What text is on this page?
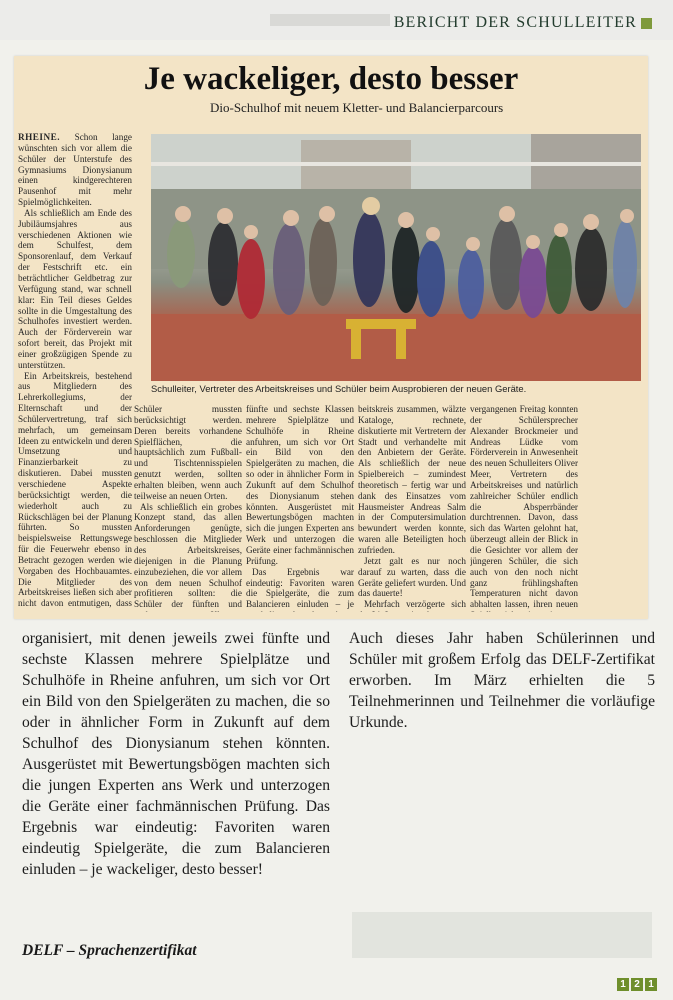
BERICHT DER SCHULLEITER
Je wackeliger, desto besser
Dio-Schulhof mit neuem Kletter- und Balancierparcours

RHEINE. Schon lange wünschten sich vor allem die Schüler der Unterstufe des Gymnasiums Dionysianum einen kindgerechteren Pausenhof mit mehr Spielmöglichkeiten.

Als schließlich am Ende des Jubiläumsjahres aus verschiedenen Aktionen wie dem Schulfest, dem Sponsorenlauf, dem Verkauf der Festschrift etc. ein beträchtlicher Geldbetrag zur Verfügung stand, war schnell klar: Ein Teil dieses Geldes sollte in die Umgestaltung des Schulhofes investiert werden. Auch der Förderverein war sofort bereit, das Projekt mit einer großzügigen Spende zu unterstützen.

Ein Arbeitskreis, bestehend aus Mitgliedern des Lehrerkollegiums, der Elternschaft und der Schülervertretung, traf sich mehrfach, um gemeinsam Ideen zu entwickeln und deren Umsetzung und Finanzierbarkeit zu diskutieren. Dabei mussten verschiedene Aspekte berücksichtigt werden, die wiederholt auch zu Rückschlägen bei der Planung führten. So mussten beispielsweise Rettungswege für die Feuerwehr ebenso in Betracht gezogen werden wie Vorgaben des Hochbauamtes. Die Mitglieder des Arbeitskreises ließen sich aber nicht davon entmutigen, dass

Schulleiter, Vertreter des Arbeitskreises und Schüler beim Ausprobieren der neuen Geräte.

Schüler mussten berücksichtigt werden. Deren bereits vorhandene Spielflächen, die hauptsächlich zum Fußball- und Tischtennisspielen genutzt werden, sollten erhalten bleiben, wenn auch teilweise an neuen Orten.

Als schließlich ein grobes Konzept stand, das allen Anforderungen genügte, beschlossen die Mitglieder des Arbeitskreises, diejenigen in die Planung einzubeziehen, die vor allem von dem neuen Schulhof profitieren sollten: die Schüler der fünften und

fünfte und sechste Klassen mehrere Spielplätze und Schulhöfe in Rheine anfuhren, um sich vor Ort ein Bild von den Spielgeräten zu machen, die so oder in ähnlicher Form in Zukunft auf dem Schulhof des Dionysianum stehen könnten. Ausgerüstet mit Bewertungsbögen machten sich die jungen Experten ans Werk und unterzogen die Geräte einer fachmännischen Prüfung.

Das Ergebnis war eindeutig: Favoriten waren die Spielgeräte, die zum Balancieren einluden – je

beitskreis zusammen, wälzte Kataloge, rechnete, diskutierte mit Vertretern der Stadt und verhandelte mit den Anbietern der Geräte. Als schließlich der neue Spielbereich – zumindest theoretisch – fertig war und dank des Einsatzes vom Hausmeister Andreas Salm in der Computersimulation bewundert werden konnte, waren alle Beteiligten hoch zufrieden.

Jetzt galt es nur noch darauf zu warten, dass die Geräte geliefert wurden. Und das dauerte!

Mehrfach verzögerte sich

vergangenen Freitag konnten der Schülersprecher Alexander Brockmeier und Andreas Lüdke vom Förderverein in Anwesenheit des neuen Schulleiters Oliver Meer, Vertretern des Arbeitskreises und natürlich zahlreicher Schüler endlich die Absperrbänder durchtrennen. Davon, dass sich das Warten gelohnt hat, überzeugt allein der Blick in die Gesichter vor allem der jüngeren Schüler, die sich auch von den noch nicht ganz frühlingshaften Temperaturen nicht davon abhalten lassen, ihren neuen

organisiert, mit denen jeweils zwei fünfte und sechste Klassen mehrere Spielplätze und Schulhöfe in Rheine anfuhren, um sich vor Ort ein Bild von den Spielgeräten zu machen, die so oder in ähnlicher Form in Zukunft auf dem Schulhof des Dionysianum stehen könnten. Ausgerüstet mit Bewertungsbögen machten sich die jungen Experten ans Werk und unterzogen die Geräte einer fachmännischen Prüfung. Das Ergebnis war eindeutig: Favoriten waren eindeutig Spielgeräte, die zum Balancieren einluden – je wackeliger, desto besser!

Auch dieses Jahr haben Schülerinnen und Schüler mit großem Erfolg das DELF-Zertifikat erworben. Im März erhielten die 5 Teilnehmerinnen und Teilnehmer die vorläufige Urkunde.

DELF – Sprachenzertifikat
1 2 1
